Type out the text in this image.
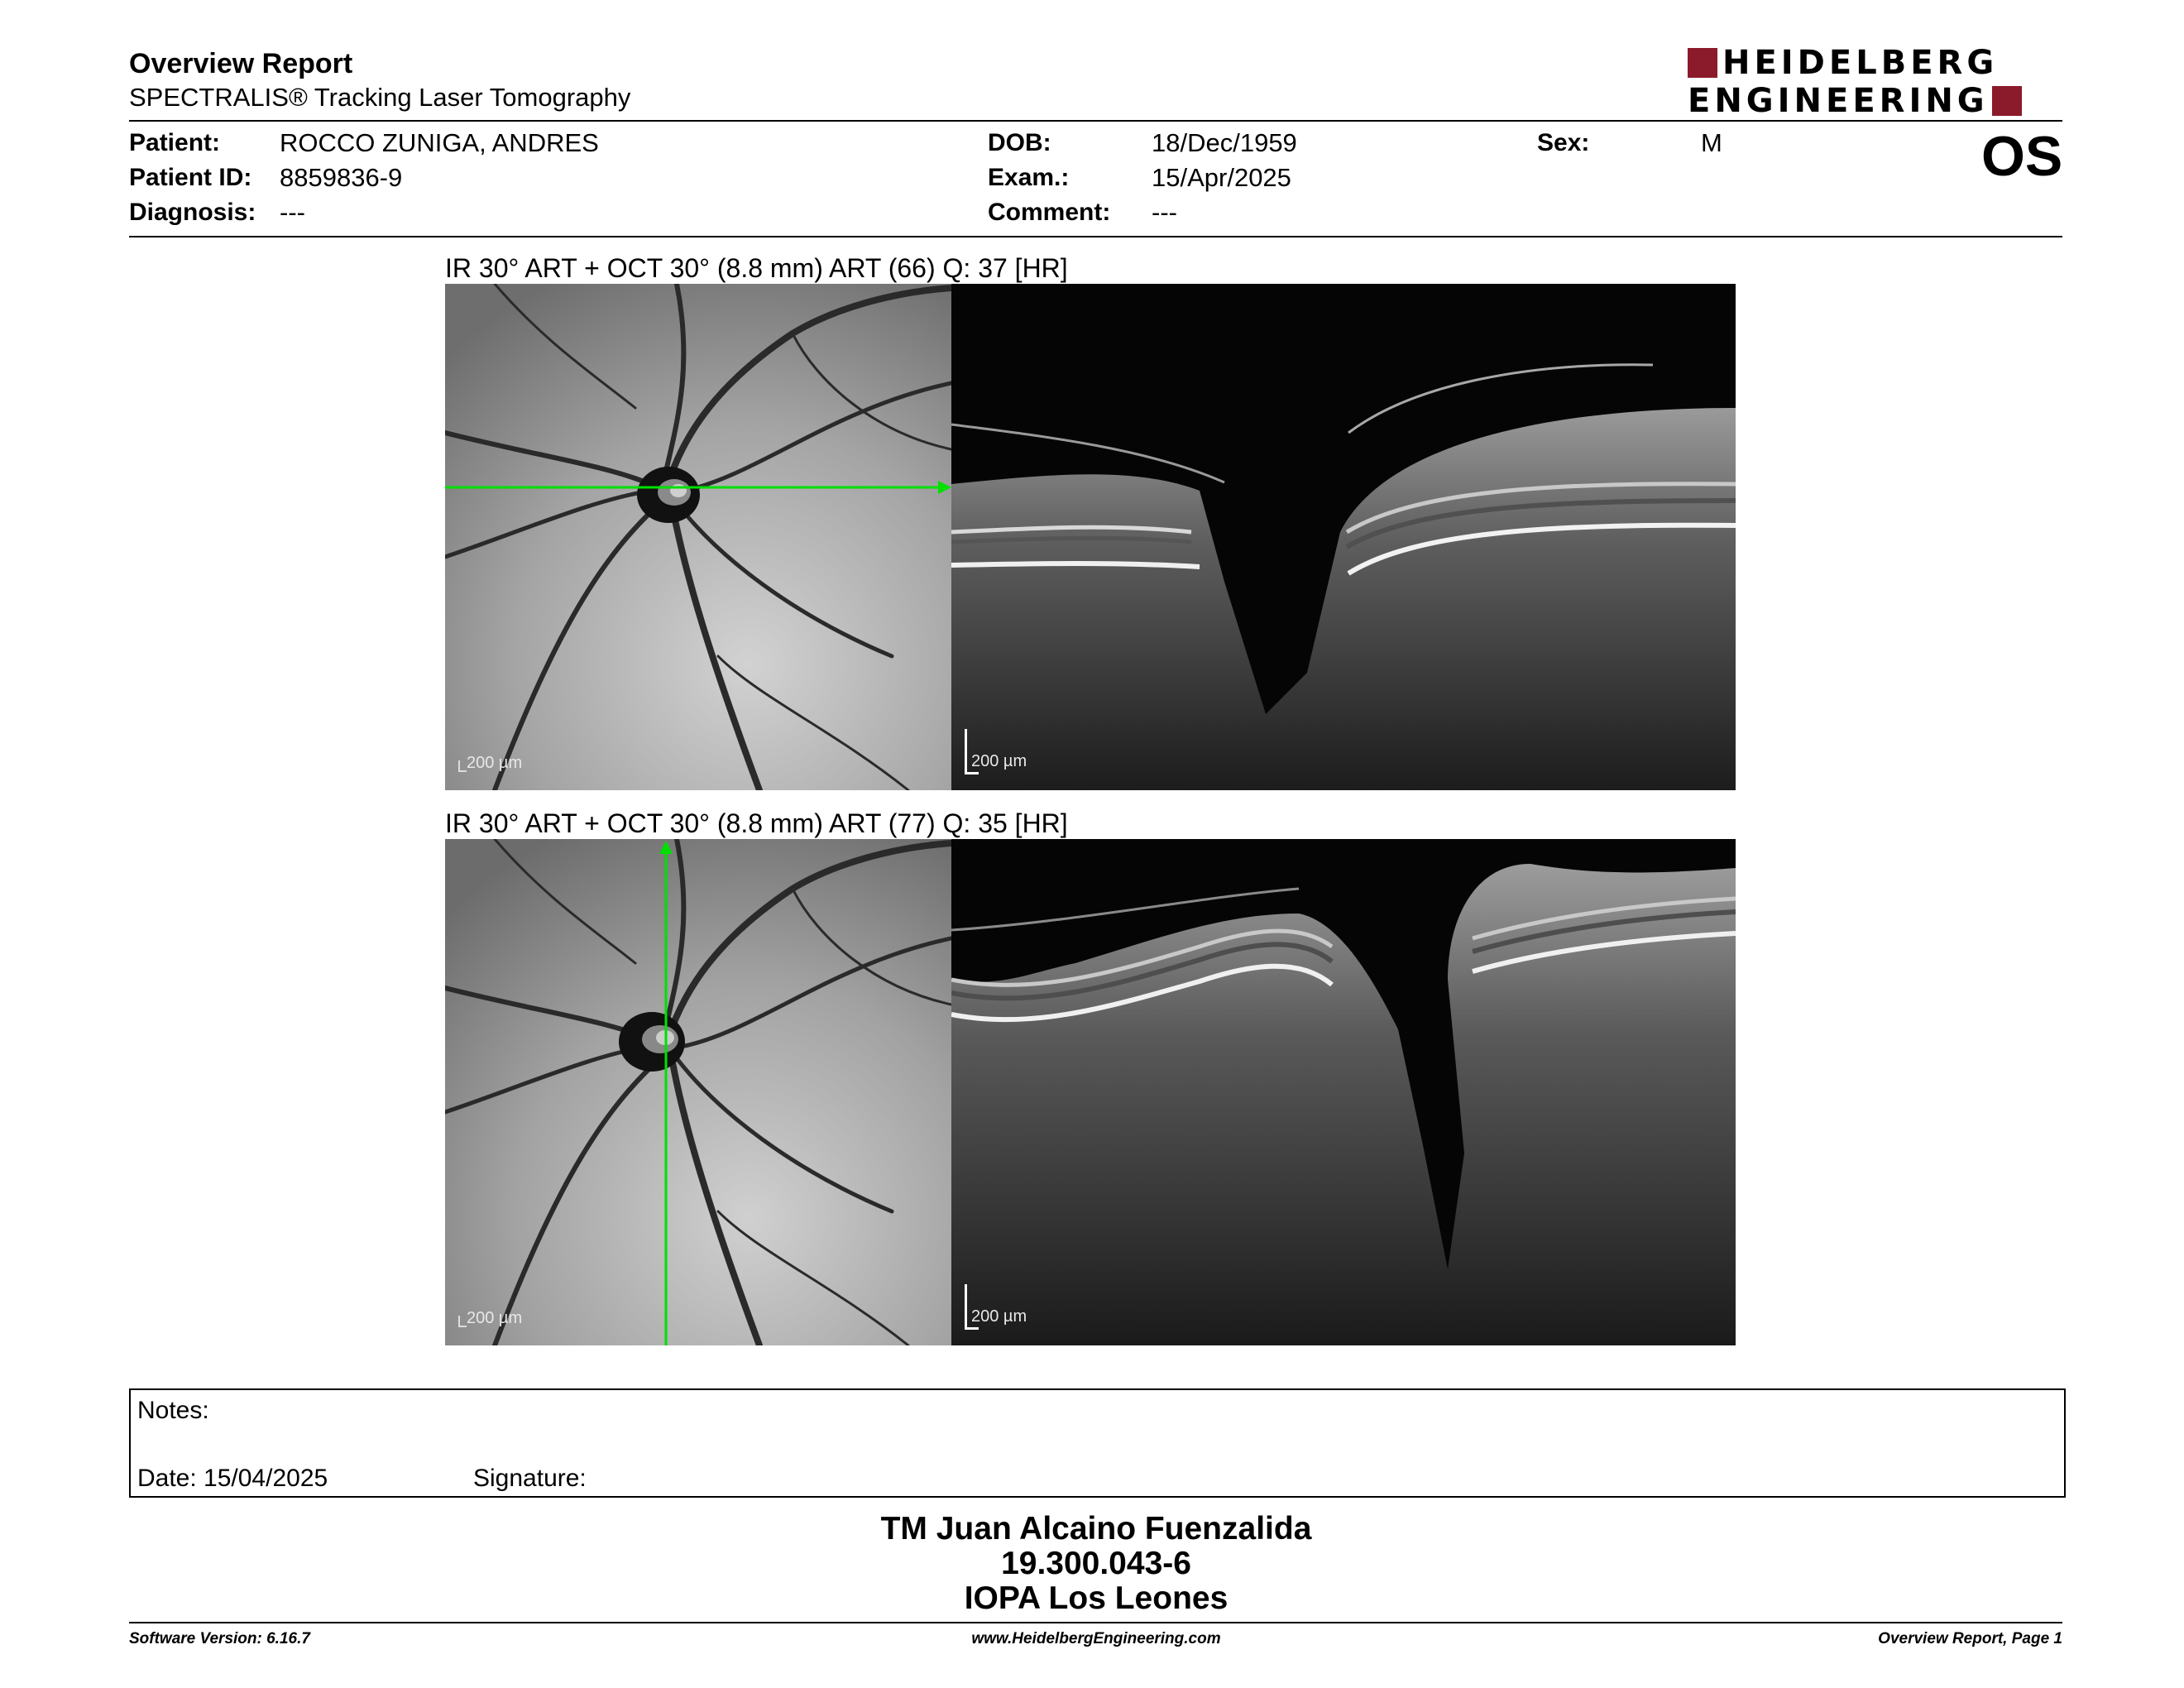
Overview Report
SPECTRALIS® Tracking Laser Tomography
HEIDELBERG
ENGINEERING
Patient: ROCCO ZUNIGA, ANDRES
Patient ID: 8859836-9
Diagnosis: ---
DOB:	18/Dec/1959
Exam.:	15/Apr/2025
Comment: ---
Sex:	M	OS
IR 30° ART + OCT 30° (8.8 mm) ART (66) Q: 37 [HR]
200 µm	200 µm
IR 30° ART + OCT 30° (8.8 mm) ART (77) Q: 35 [HR]
200 µm	200 µm
Notes:
Date: 15/04/2025	Signature:
TM Juan Alcaino Fuenzalida
19.300.043-6
IOPA Los Leones
Software Version: 6.16.7	www.HeidelbergEngineering.com	Overview Report, Page 1
